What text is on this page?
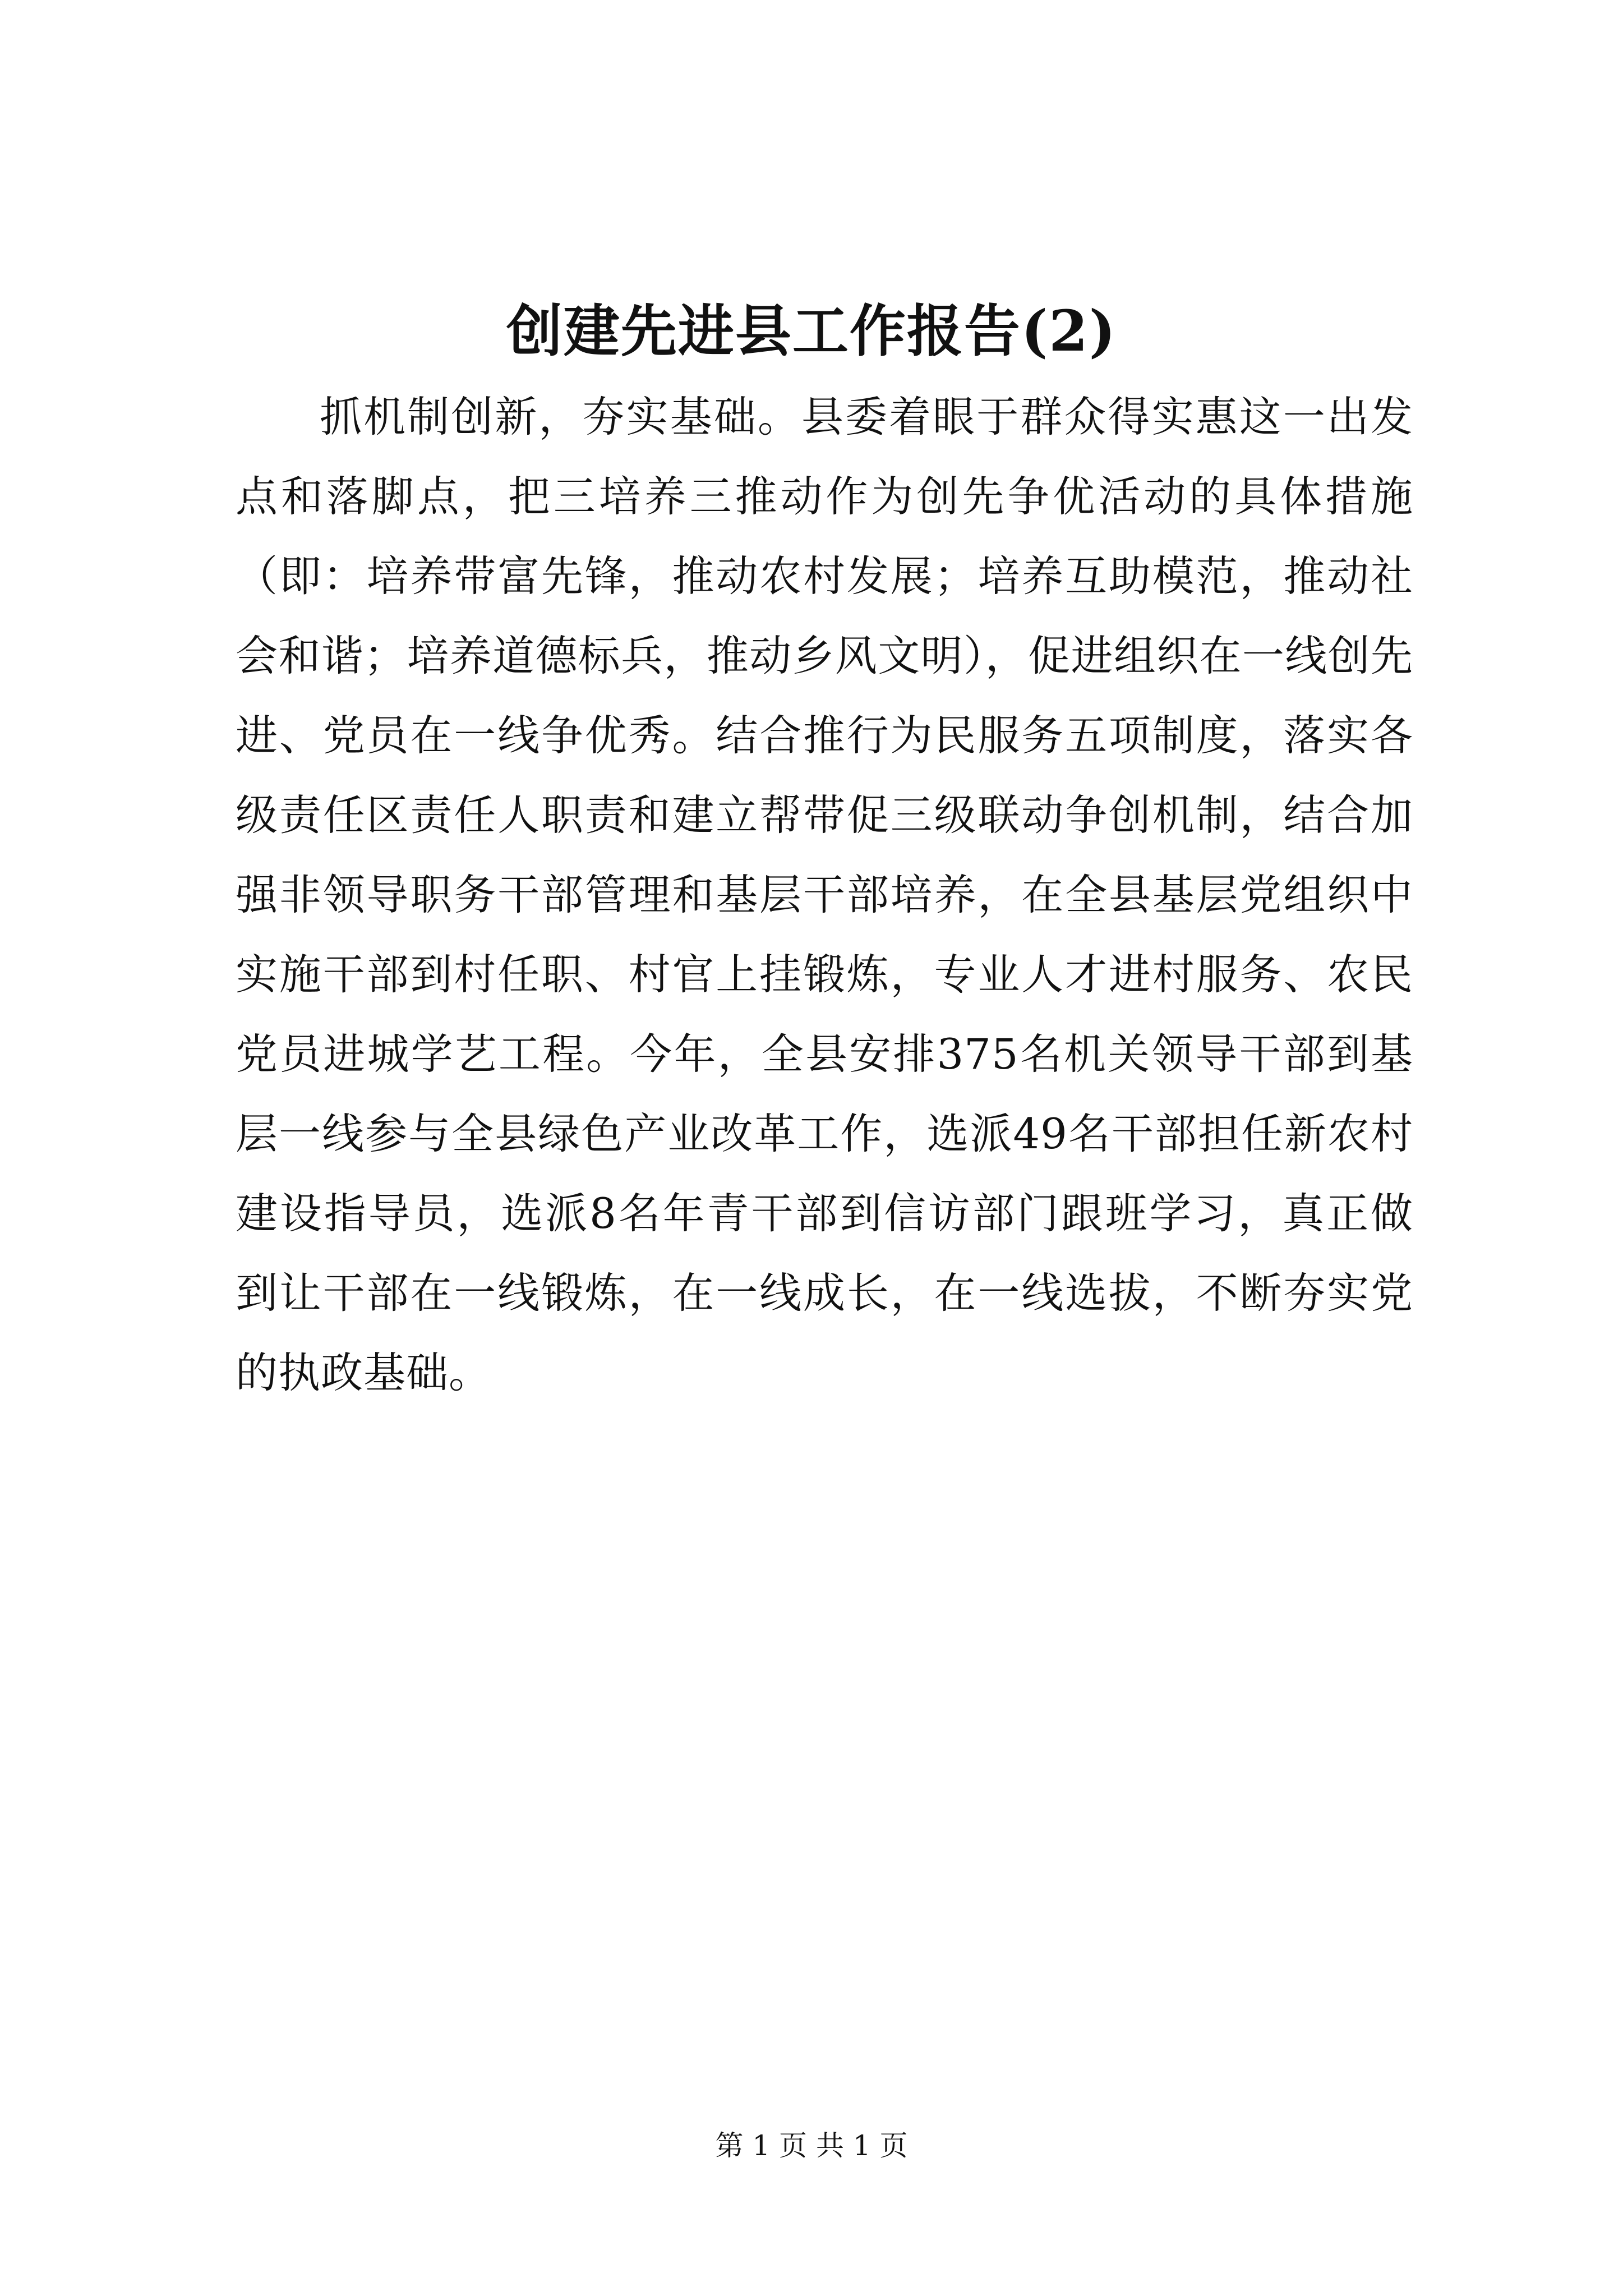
创建先进县工作报告(2)

抓机制创新，夯实基础。县委着眼于群众得实惠这一出发点和落脚点，把三培养三推动作为创先争优活动的具体措施（即：培养带富先锋，推动农村发展；培养互助模范，推动社会和谐；培养道德标兵，推动乡风文明），促进组织在一线创先进、党员在一线争优秀。结合推行为民服务五项制度，落实各级责任区责任人职责和建立帮带促三级联动争创机制，结合加强非领导职务干部管理和基层干部培养，在全县基层党组织中实施干部到村任职、村官上挂锻炼，专业人才进村服务、农民党员进城学艺工程。今年，全县安排375名机关领导干部到基层一线参与全县绿色产业改革工作，选派49名干部担任新农村建设指导员，选派8名年青干部到信访部门跟班学习，真正做到让干部在一线锻炼，在一线成长，在一线选拔，不断夯实党的执政基础。

第 1 页 共 1 页
